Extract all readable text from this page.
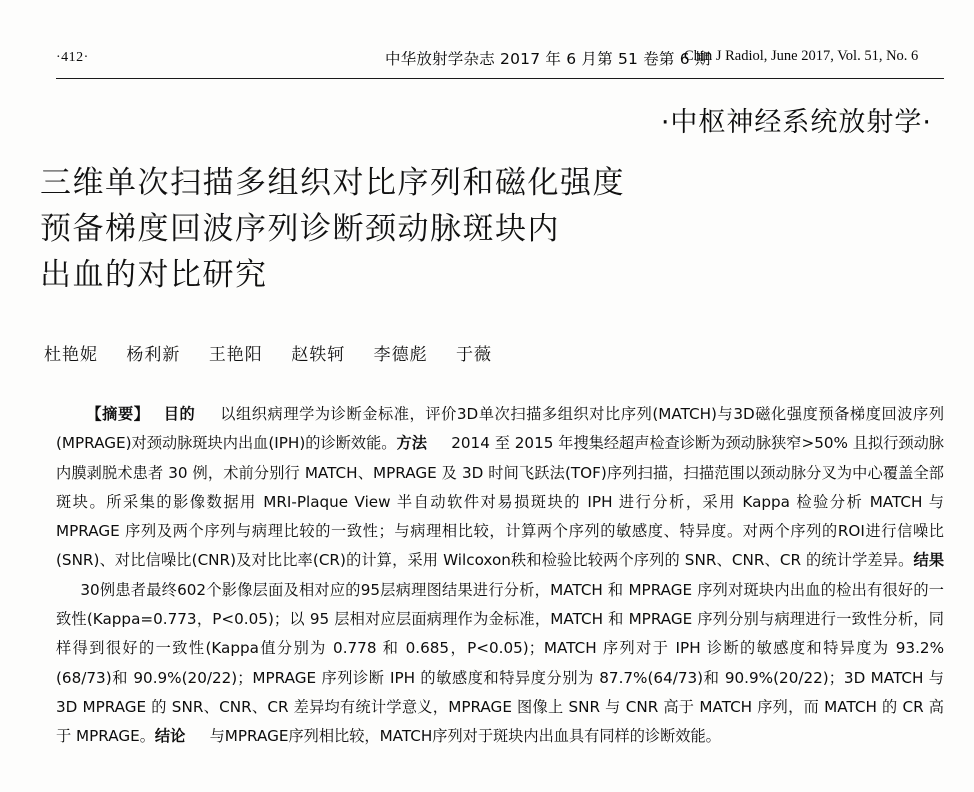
·412·	中华放射学杂志 2017 年 6 月第 51 卷第 6 期
Chin J Radiol, June 2017, Vol. 51, No. 6
·中枢神经系统放射学·
三维单次扫描多组织对比序列和磁化强度
预备梯度回波序列诊断颈动脉斑块内
出血的对比研究
杜艳妮 杨利新 王艳阳 赵轶轲 李德彪 于薇

【摘要】 目的 以组织病理学为诊断金标准，评价3D单次扫描多组织对比序列(MATCH)与3D磁化强度预备梯度回波序列(MPRAGE)对颈动脉斑块内出血(IPH)的诊断效能。方法 2014 至 2015 年搜集经超声检查诊断为颈动脉狭窄>50% 且拟行颈动脉内膜剥脱术患者 30 例，术前分别行 MATCH、MPRAGE 及 3D 时间飞跃法(TOF)序列扫描，扫描范围以颈动脉分叉为中心覆盖全部斑块。所采集的影像数据用 MRI-Plaque View 半自动软件对易损斑块的 IPH 进行分析，采用 Kappa 检验分析 MATCH 与 MPRAGE 序列及两个序列与病理比较的一致性；与病理相比较，计算两个序列的敏感度、特异度。对两个序列的ROI进行信噪比(SNR)、对比信噪比(CNR)及对比比率(CR)的计算，采用 Wilcoxon秩和检验比较两个序列的 SNR、CNR、CR 的统计学差异。结果30例患者最终602个影像层面及相对应的95层病理图结果进行分析，MATCH 和 MPRAGE 序列对斑块内出血的检出有很好的一致性(Kappa=0.773，P<0.05)；以 95 层相对应层面病理作为金标准，MATCH 和 MPRAGE 序列分别与病理进行一致性分析，同样得到很好的一致性(Kappa值分别为 0.778 和 0.685，P<0.05)；MATCH 序列对于 IPH 诊断的敏感度和特异度为 93.2%(68/73)和 90.9%(20/22)；MPRAGE 序列诊断 IPH 的敏感度和特异度分别为 87.7%(64/73)和 90.9%(20/22)；3D MATCH 与 3D MPRAGE 的 SNR、CNR、CR 差异均有统计学意义，MPRAGE 图像上 SNR 与 CNR 高于 MATCH 序列，而 MATCH 的 CR 高于 MPRAGE。结论 与MPRAGE序列相比较，MATCH序列对于斑块内出血具有同样的诊断效能。
